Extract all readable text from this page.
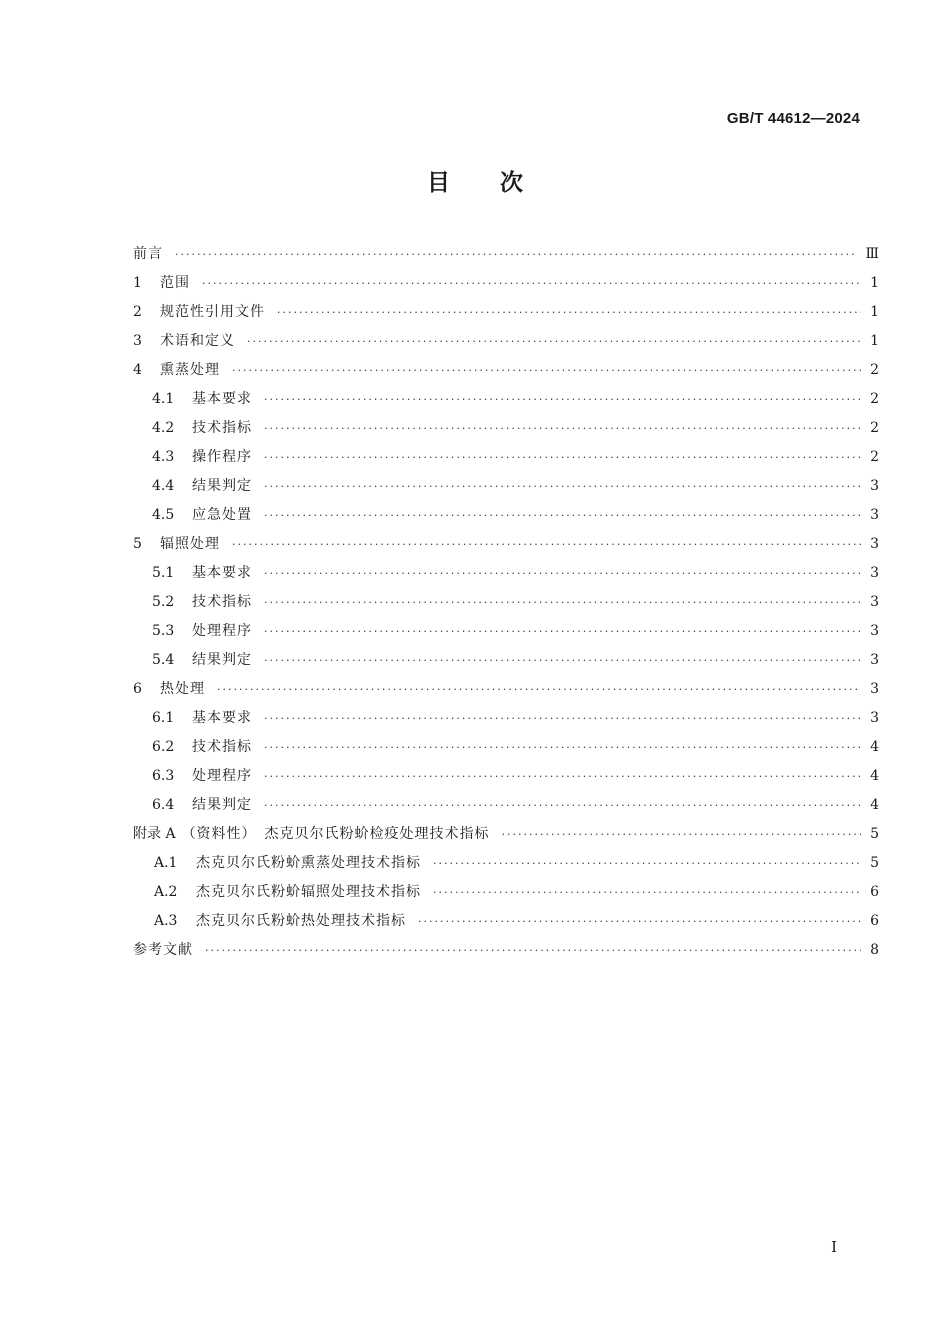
GB/T 44612—2024
目次
前言 ·····	Ⅲ
1	范围 ·····	1
2	规范性引用文件 ·····	1
3	术语和定义 ·····	1
4	熏蒸处理 ·····	2
4.1	基本要求 ·····	2
4.2	技术指标 ·····	2
4.3	操作程序 ·····	2
4.4	结果判定 ·····	3
4.5	应急处置 ·····	3
5	辐照处理 ·····	3
5.1	基本要求 ·····	3
5.2	技术指标 ·····	3
5.3	处理程序 ·····	3
5.4	结果判定 ·····	3
6	热处理 ·····	3
6.1	基本要求 ·····	3
6.2	技术指标 ·····	4
6.3	处理程序 ·····	4
6.4	结果判定 ·····	4
附录 A （资料性）　杰克贝尔氏粉蚧检疫处理技术指标 ·····	5
A.1	杰克贝尔氏粉蚧熏蒸处理技术指标 ·····	5
A.2	杰克贝尔氏粉蚧辐照处理技术指标 ·····	6
A.3	杰克贝尔氏粉蚧热处理技术指标 ·····	6
参考文献 ·····	8
Ⅰ
